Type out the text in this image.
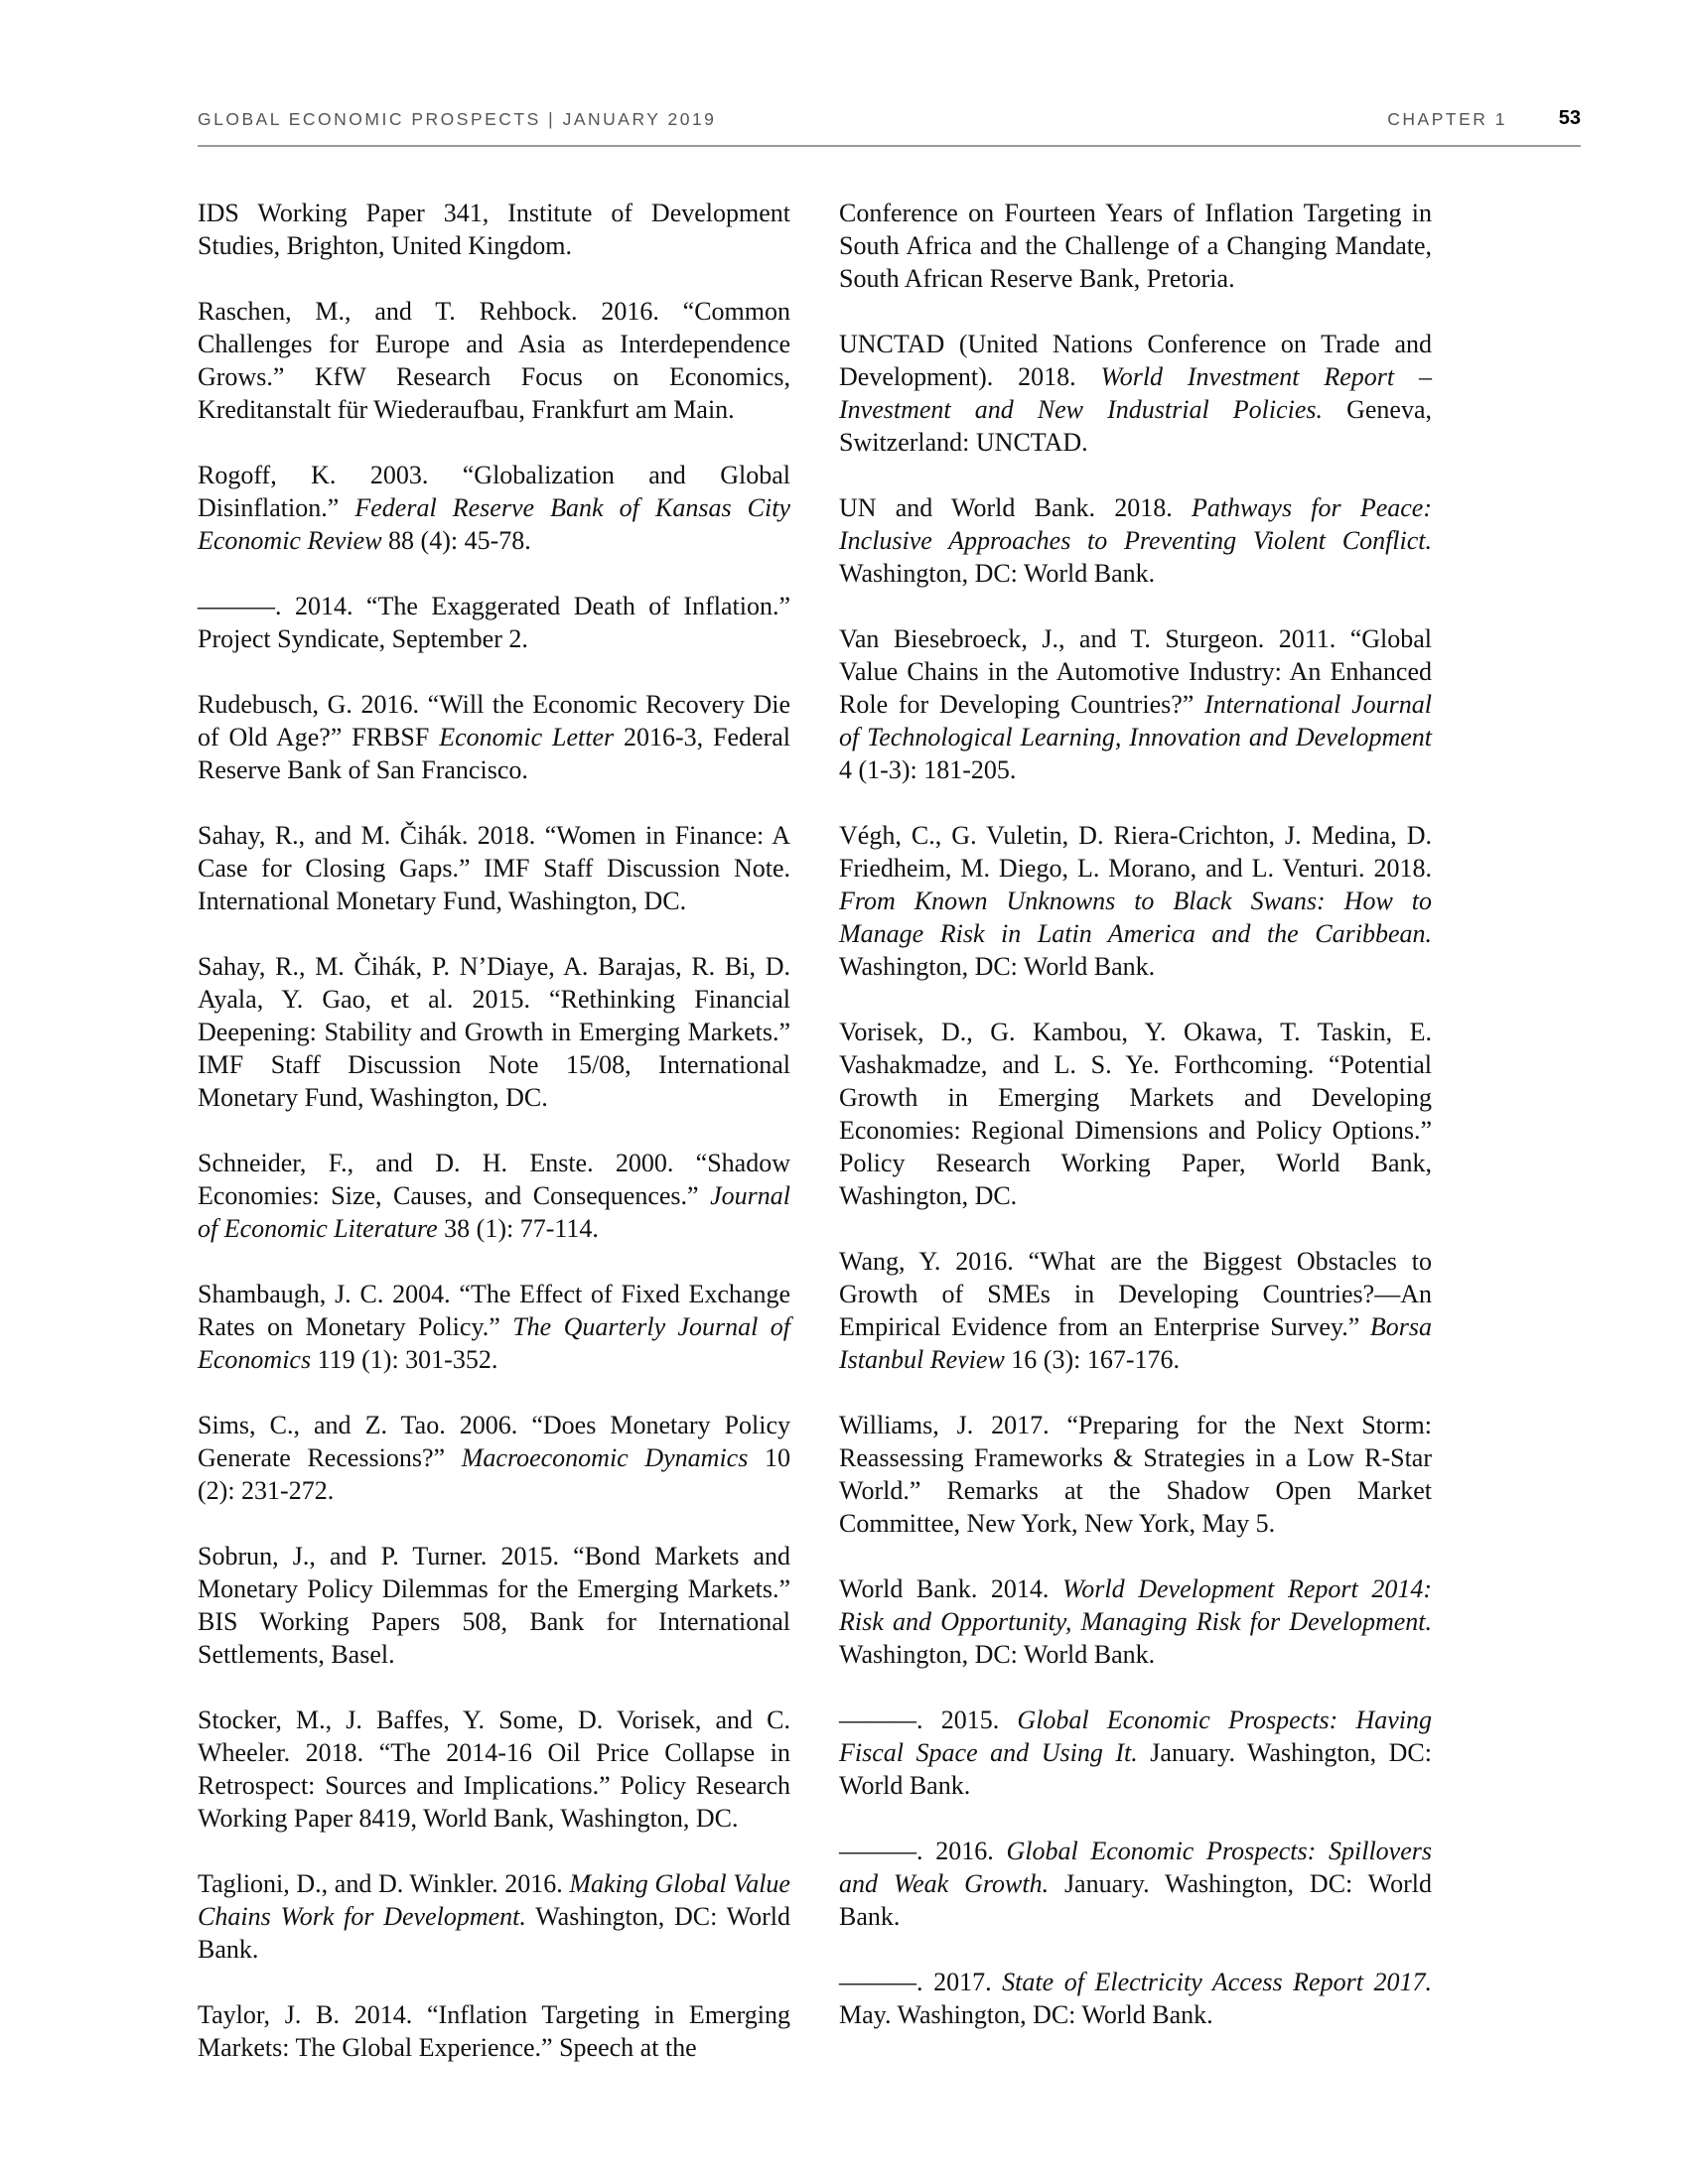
GLOBAL ECONOMIC PROSPECTS | JANUARY 2019	CHAPTER 1	53

IDS Working Paper 341, Institute of Development Studies, Brighton, United Kingdom.

Raschen, M., and T. Rehbock. 2016. “Common Challenges for Europe and Asia as Interdependence Grows.” KfW Research Focus on Economics, Kreditanstalt für Wiederaufbau, Frankfurt am Main.

Rogoff, K. 2003. “Globalization and Global Disinflation.” Federal Reserve Bank of Kansas City Economic Review 88 (4): 45-78.

———. 2014. “The Exaggerated Death of Inflation.” Project Syndicate, September 2.

Rudebusch, G. 2016. “Will the Economic Recovery Die of Old Age?” FRBSF Economic Letter 2016-3, Federal Reserve Bank of San Francisco.

Sahay, R., and M. Čihák. 2018. “Women in Finance: A Case for Closing Gaps.” IMF Staff Discussion Note. International Monetary Fund, Washington, DC.

Sahay, R., M. Čihák, P. N’Diaye, A. Barajas, R. Bi, D. Ayala, Y. Gao, et al. 2015. “Rethinking Financial Deepening: Stability and Growth in Emerging Markets.” IMF Staff Discussion Note 15/08, International Monetary Fund, Washington, DC.

Schneider, F., and D. H. Enste. 2000. “Shadow Economies: Size, Causes, and Consequences.” Journal of Economic Literature 38 (1): 77-114.

Shambaugh, J. C. 2004. “The Effect of Fixed Exchange Rates on Monetary Policy.” The Quarterly Journal of Economics 119 (1): 301-352.

Sims, C., and Z. Tao. 2006. “Does Monetary Policy Generate Recessions?” Macroeconomic Dynamics 10 (2): 231-272.

Sobrun, J., and P. Turner. 2015. “Bond Markets and Monetary Policy Dilemmas for the Emerging Markets.” BIS Working Papers 508, Bank for International Settlements, Basel.

Stocker, M., J. Baffes, Y. Some, D. Vorisek, and C. Wheeler. 2018. “The 2014-16 Oil Price Collapse in Retrospect: Sources and Implications.” Policy Research Working Paper 8419, World Bank, Washington, DC.

Taglioni, D., and D. Winkler. 2016. Making Global Value Chains Work for Development. Washington, DC: World Bank.

Taylor, J. B. 2014. “Inflation Targeting in Emerging Markets: The Global Experience.” Speech at the

Conference on Fourteen Years of Inflation Targeting in South Africa and the Challenge of a Changing Mandate, South African Reserve Bank, Pretoria.

UNCTAD (United Nations Conference on Trade and Development). 2018. World Investment Report – Investment and New Industrial Policies. Geneva, Switzerland: UNCTAD.

UN and World Bank. 2018. Pathways for Peace: Inclusive Approaches to Preventing Violent Conflict. Washington, DC: World Bank.

Van Biesebroeck, J., and T. Sturgeon. 2011. “Global Value Chains in the Automotive Industry: An Enhanced Role for Developing Countries?” International Journal of Technological Learning, Innovation and Development 4 (1-3): 181-205.

Végh, C., G. Vuletin, D. Riera-Crichton, J. Medina, D. Friedheim, M. Diego, L. Morano, and L. Venturi. 2018. From Known Unknowns to Black Swans: How to Manage Risk in Latin America and the Caribbean. Washington, DC: World Bank.

Vorisek, D., G. Kambou, Y. Okawa, T. Taskin, E. Vashakmadze, and L. S. Ye. Forthcoming. “Potential Growth in Emerging Markets and Developing Economies: Regional Dimensions and Policy Options.” Policy Research Working Paper, World Bank, Washington, DC.

Wang, Y. 2016. “What are the Biggest Obstacles to Growth of SMEs in Developing Countries?—An Empirical Evidence from an Enterprise Survey.” Borsa Istanbul Review 16 (3): 167-176.

Williams, J. 2017. “Preparing for the Next Storm: Reassessing Frameworks & Strategies in a Low R-Star World.” Remarks at the Shadow Open Market Committee, New York, New York, May 5.

World Bank. 2014. World Development Report 2014: Risk and Opportunity, Managing Risk for Development. Washington, DC: World Bank.

———. 2015. Global Economic Prospects: Having Fiscal Space and Using It. January. Washington, DC: World Bank.

———. 2016. Global Economic Prospects: Spillovers and Weak Growth. January. Washington, DC: World Bank.

———. 2017. State of Electricity Access Report 2017. May. Washington, DC: World Bank.
